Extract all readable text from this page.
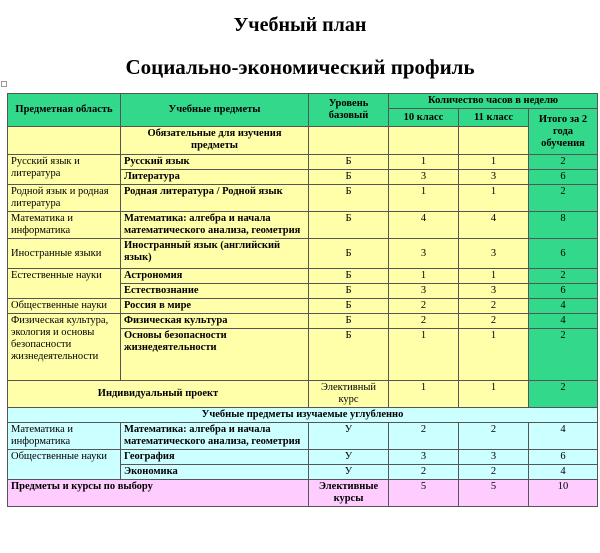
Учебный план
Социально-экономический профиль
Предметная область	Учебные предметы	Уровень базовый	Количество часов в неделю		
			10 класс	11 класс	Итого за 2 года обучения
	Обязательные для изучения предметы				
Русский язык и литература	Русский язык	Б	1	1	2
	Литература	Б	3	3	6
Родной язык и родная литература	Родная литература / Родной язык	Б	1	1	2
Математика и информатика	Математика: алгебра и начала математического анализа, геометрия	Б	4	4	8
Иностранные языки	Иностранный язык (английский язык)	Б	3	3	6
Естественные науки	Астрономия	Б	1	1	2
	Естествознание	Б	3	3	6
Общественные науки	Россия в мире	Б	2	2	4
Физическая культура, экология и основы безопасности жизнедеятельности	Физическая культура	Б	2	2	4
	Основы безопасности жизнедеятельности	Б	1	1	2
Индивидуальный проект		Элективный курс	1	1	2
Учебные предметы изучаемые углубленно					
Математика и информатика	Математика: алгебра и начала математического анализа, геометрия	У	2	2	4
Общественные науки	География	У	3	3	6
	Экономика	У	2	2	4
Предметы и курсы по выбору		Элективные курсы	5	5	10
